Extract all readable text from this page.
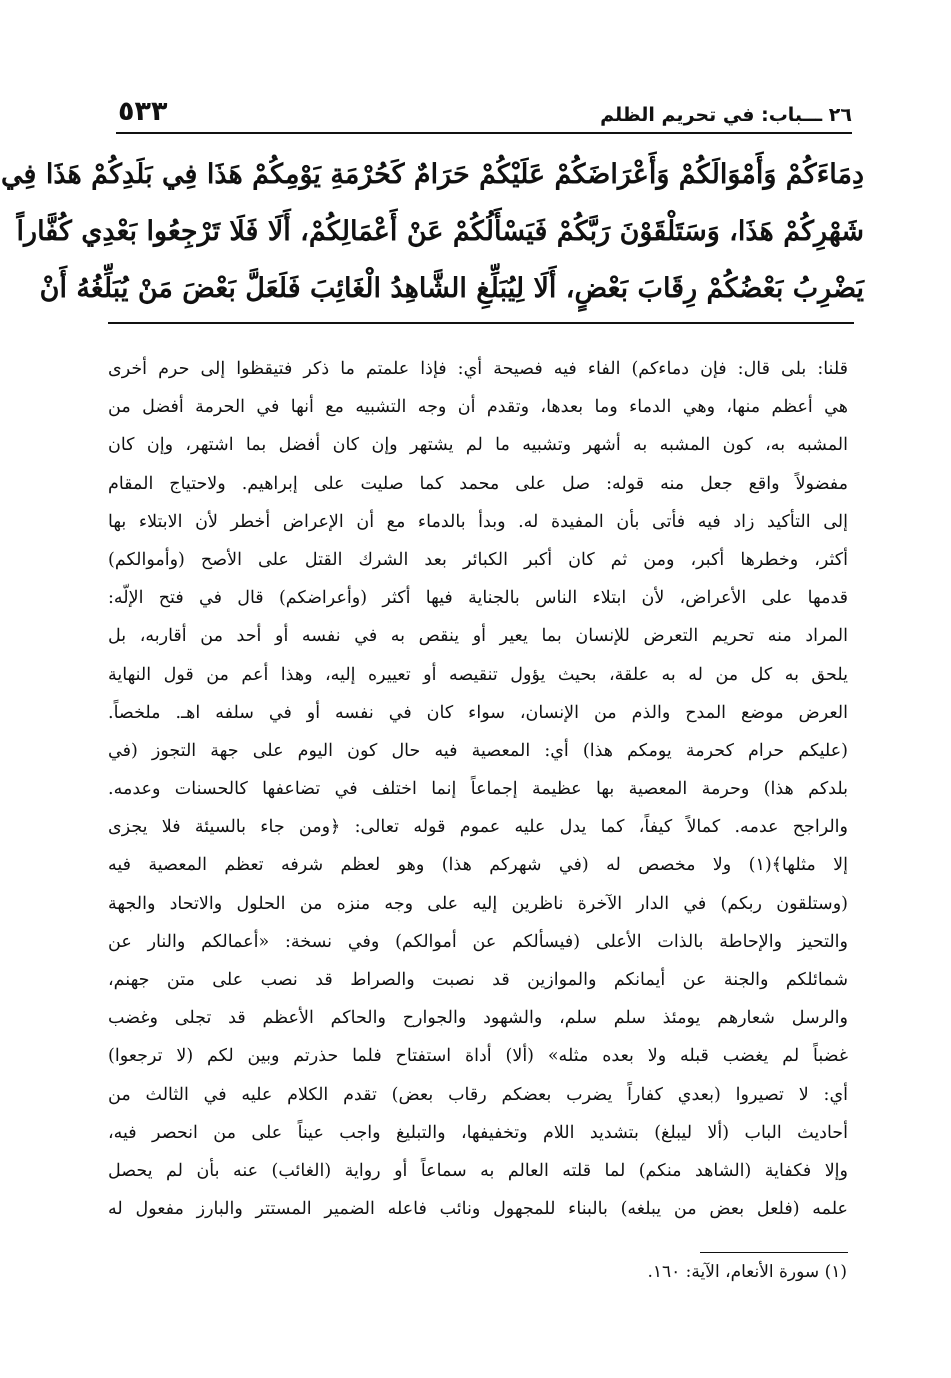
٢٦ ـــباب: في تحريم الظلم
٥٣٣
دِمَاءَكُمْ وَأَمْوَالَكُمْ وَأَعْرَاضَكُمْ عَلَيْكُمْ حَرَامٌ كَحُرْمَةِ يَوْمِكُمْ هَذَا فِي بَلَدِكُمْ هَذَا فِي
شَهْرِكُمْ هَذَا، وَسَتَلْقَوْنَ رَبَّكُمْ فَيَسْأَلُكُمْ عَنْ أَعْمَالِكُمْ، أَلَا فَلَا تَرْجِعُوا بَعْدِي كُفَّاراً
يَضْرِبُ بَعْضُكُمْ رِقَابَ بَعْضٍ، أَلَا لِيُبَلِّغِ الشَّاهِدُ الْغَائِبَ فَلَعَلَّ بَعْضَ مَنْ يُبَلِّغُهُ أَنْ
قلنا: بلى قال: فإن دماءكم) الفاء فيه فصيحة أي: فإذا علمتم ما ذكر فتيقظوا إلى حرم أخرى
هي أعظم منها، وهي الدماء وما بعدها، وتقدم أن وجه التشبيه مع أنها في الحرمة أفضل من
المشبه به، كون المشبه به أشهر وتشبيه ما لم يشتهر وإن كان أفضل بما اشتهر، وإن كان
مفضولاً واقع جعل منه قوله: صل على محمد كما صليت على إبراهيم. ولاحتياج المقام
إلى التأكيد زاد فيه فأتى بأن المفيدة له. وبدأ بالدماء مع أن الإعراض أخطر لأن الابتلاء بها
أكثر، وخطرها أكبر، ومن ثم كان أكبر الكبائر بعد الشرك القتل على الأصح (وأموالكم)
قدمها على الأعراض، لأن ابتلاء الناس بالجناية فيها أكثر (وأعراضكم) قال في فتح الإلّه:
المراد منه تحريم التعرض للإنسان بما يعير أو ينقص به في نفسه أو أحد من أقاربه، بل
يلحق به كل من له به علقة، بحيث يؤول تنقيصه أو تعييره إليه، وهذا أعم من قول النهاية
العرض موضع المدح والذم من الإنسان، سواء كان في نفسه أو في سلفه اهـ. ملخصاً.
(عليكم حرام كحرمة يومكم هذا) أي: المعصية فيه حال كون اليوم على جهة التجوز (في
بلدكم هذا) وحرمة المعصية بها عظيمة إجماعاً إنما اختلف في تضاعفها كالحسنات وعدمه.
والراجح عدمه. كمالاً كيفاً، كما يدل عليه عموم قوله تعالى: ﴿ومن جاء بالسيئة فلا يجزى
إلا مثلها﴾(١) ولا مخصص له (في شهركم هذا) وهو لعظم شرفه تعظم المعصية فيه
(وستلقون ربكم) في الدار الآخرة ناظرين إليه على وجه منزه من الحلول والاتحاد والجهة
والتحيز والإحاطة بالذات الأعلى (فيسألكم عن أموالكم) وفي نسخة: «أعمالكم والنار عن
شمائلكم والجنة عن أيمانكم والموازين قد نصبت والصراط قد نصب على متن جهنم،
والرسل شعارهم يومئذ سلم سلم، والشهود والجوارح والحاكم الأعظم قد تجلى وغضب
غضباً لم يغضب قبله ولا بعده مثله» (ألا) أداة استفتاح فلما حذرتم وبين لكم (لا ترجعوا)
أي: لا تصيروا (بعدي كفاراً يضرب بعضكم رقاب بعض) تقدم الكلام عليه في الثالث من
أحاديث الباب (ألا ليبلغ) بتشديد اللام وتخفيفها، والتبليغ واجب عيناً على من انحصر فيه،
وإلا فكفاية (الشاهد منكم) لما قلته العالم به سماعاً أو رواية (الغائب) عنه بأن لم يحصل
علمه (فلعل بعض من يبلغه) بالبناء للمجهول ونائب فاعله الضمير المستتر والبارز مفعول له
(١) سورة الأنعام، الآية: ١٦٠.
